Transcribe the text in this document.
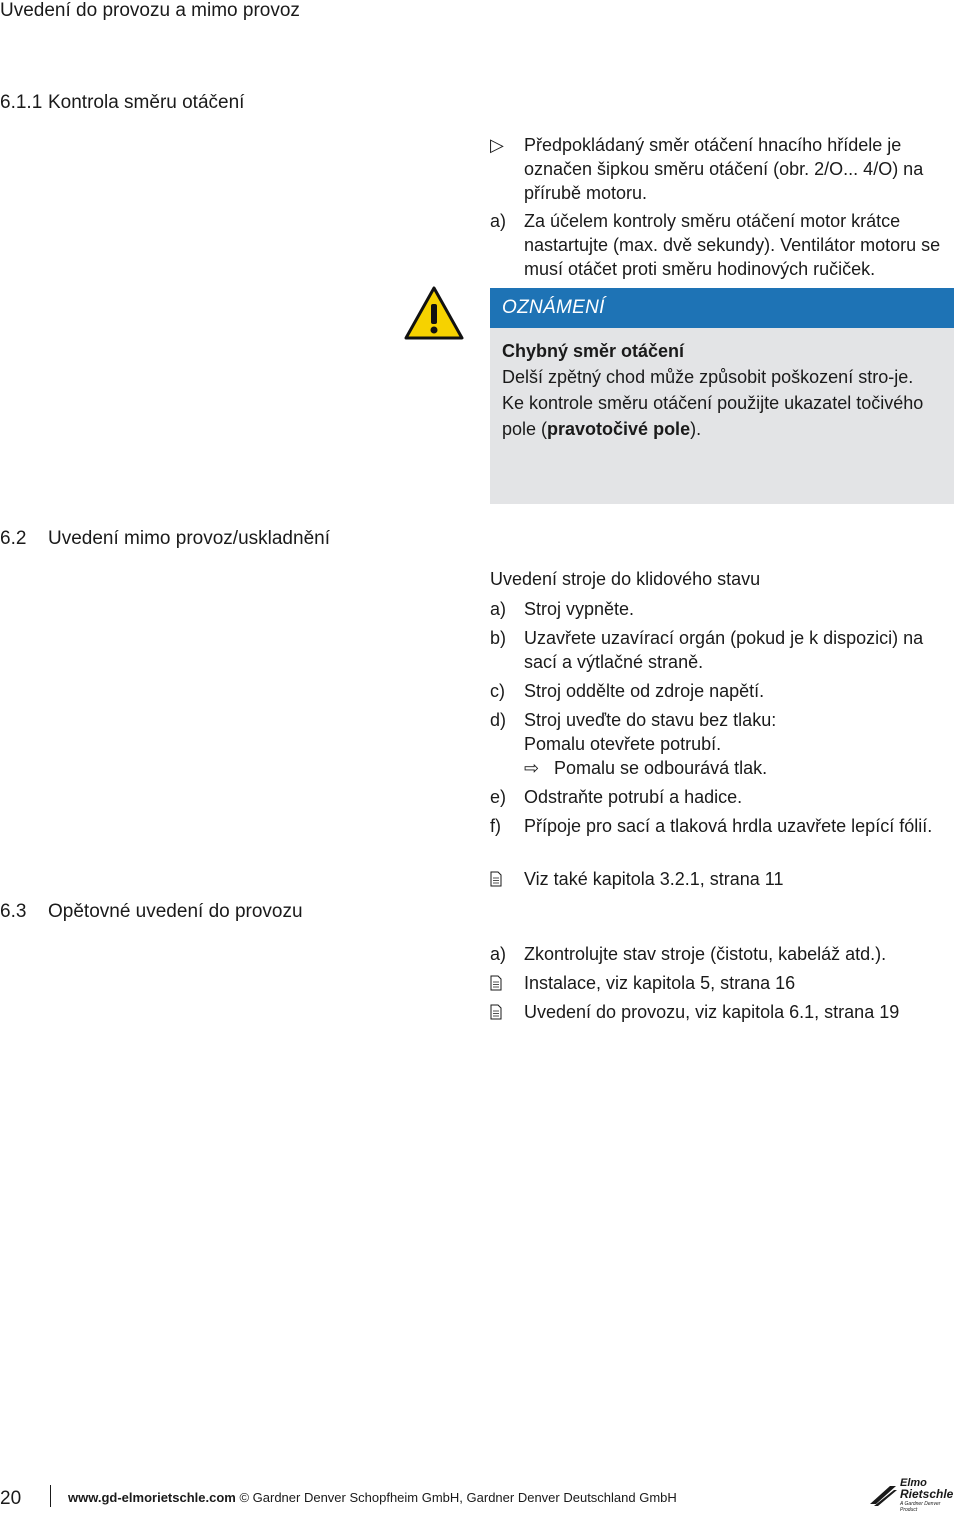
Uvedení do provozu a mimo provoz
6.1.1 Kontrola směru otáčení
▷	Předpokládaný směr otáčení hnacího hřídele je označen šipkou směru otáčení (obr. 2/O... 4/O) na přírubě motoru.
a) Za účelem kontroly směru otáčení motor krátce nastartujte (max. dvě sekundy). Ventilátor motoru se musí otáčet proti směru hodinových ručiček.
OZNÁMENÍ
Chybný směr otáčení
Delší zpětný chod může způsobit poškození stro-je.
Ke kontrole směru otáčení použijte ukazatel točivého pole (pravotočivé pole).
6.2 Uvedení mimo provoz/uskladnění
Uvedení stroje do klidového stavu
a) Stroj vypněte.
b) Uzavřete uzavírací orgán (pokud je k dispozici) na sací a výtlačné straně.
c)	Stroj oddělte od zdroje napětí.
d) Stroj uveďte do stavu bez tlaku:
Pomalu otevřete potrubí.
⇨ Pomalu se odbourává tlak.
e) Odstraňte potrubí a hadice.
f)	Přípoje pro sací a tlaková hrdla uzavřete lepící fólií.
Viz také kapitola 3.2.1, strana 11
6.3 Opětovné uvedení do provozu
a) Zkontrolujte stav stroje (čistotu, kabeláž atd.).
Instalace, viz kapitola 5, strana 16
Uvedení do provozu, viz kapitola 6.1, strana 19
20	www.gd-elmorietschle.com © Gardner Denver Schopfheim GmbH, Gardner Denver Deutschland GmbH
Elmo
Rietschle
A Gardner Denver Product
